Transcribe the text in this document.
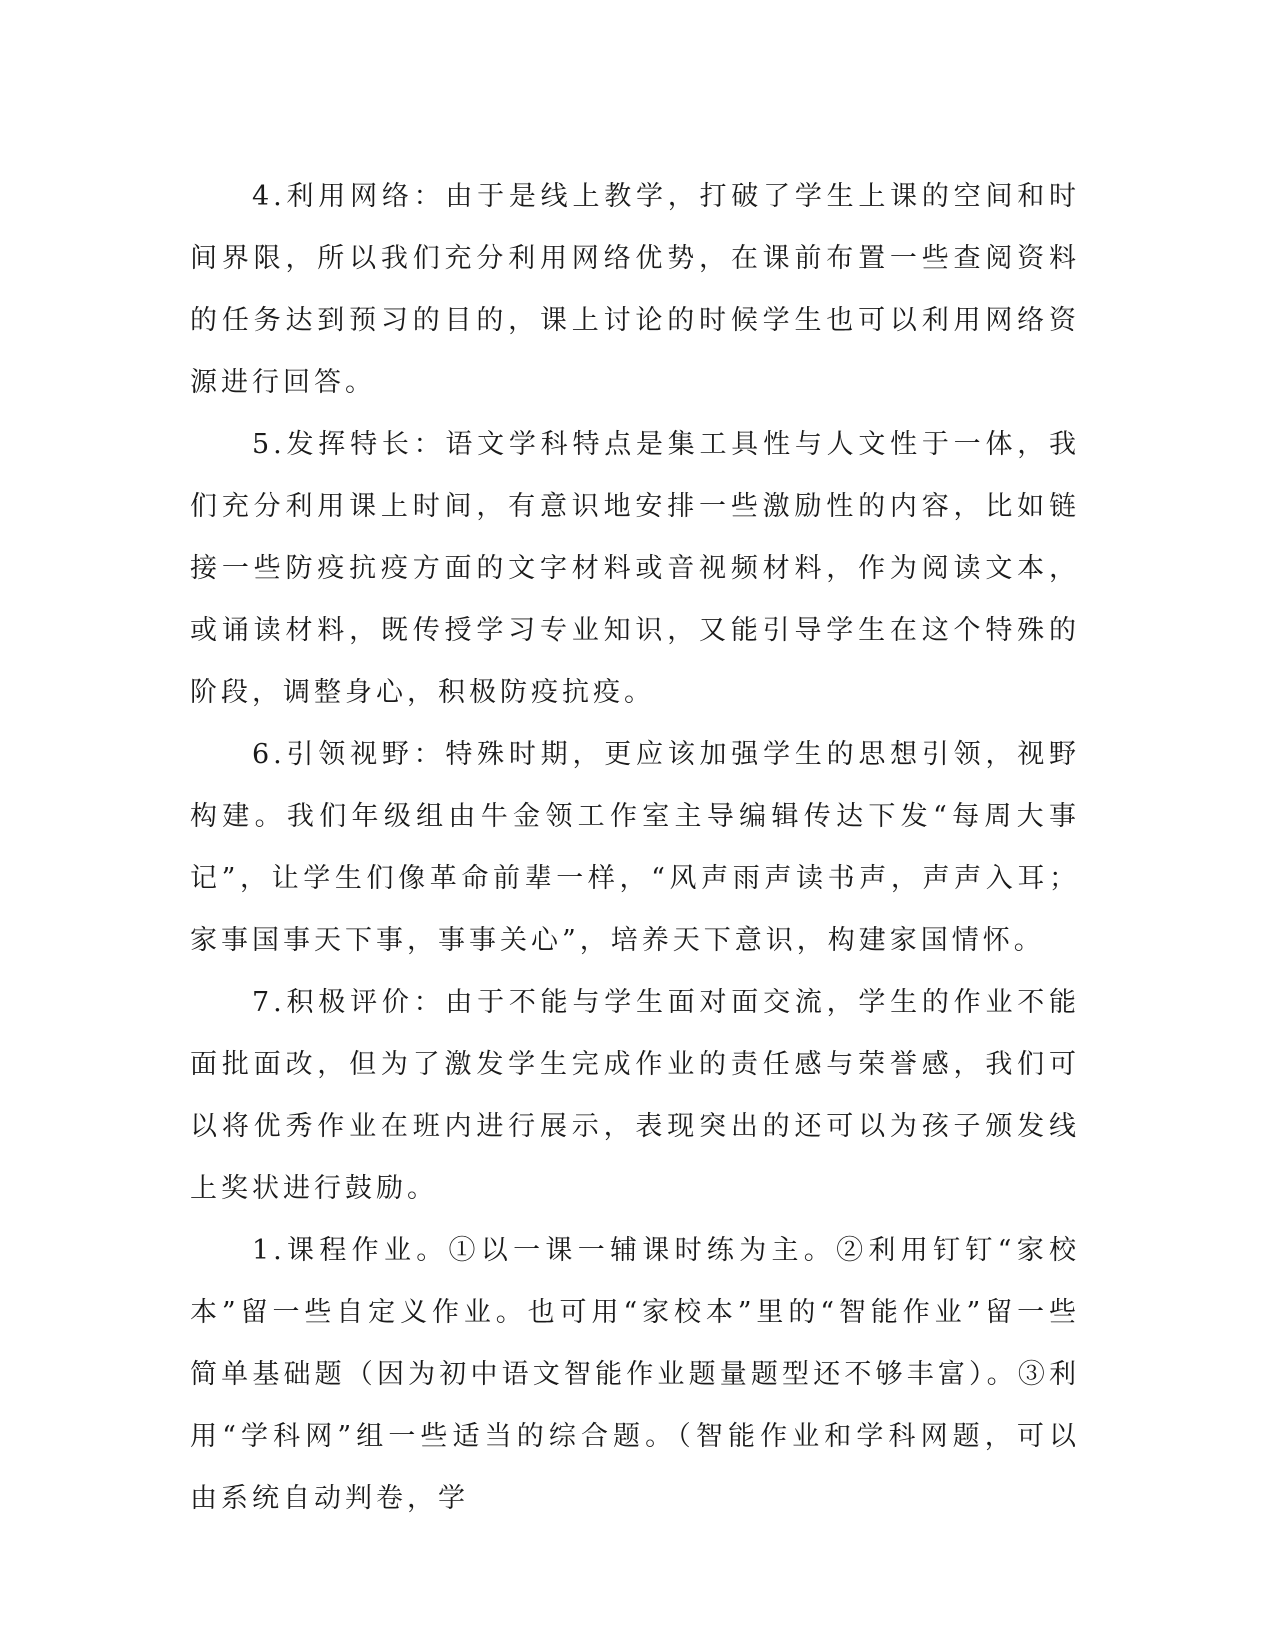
4.利用网络：由于是线上教学，打破了学生上课的空间和时间界限，所以我们充分利用网络优势，在课前布置一些查阅资料的任务达到预习的目的，课上讨论的时候学生也可以利用网络资源进行回答。

5.发挥特长：语文学科特点是集工具性与人文性于一体，我们充分利用课上时间，有意识地安排一些激励性的内容，比如链接一些防疫抗疫方面的文字材料或音视频材料，作为阅读文本，或诵读材料，既传授学习专业知识，又能引导学生在这个特殊的阶段，调整身心，积极防疫抗疫。

6.引领视野：特殊时期，更应该加强学生的思想引领，视野构建。我们年级组由牛金领工作室主导编辑传达下发“每周大事记”，让学生们像革命前辈一样，“风声雨声读书声，声声入耳；家事国事天下事，事事关心”，培养天下意识，构建家国情怀。

7.积极评价：由于不能与学生面对面交流，学生的作业不能面批面改，但为了激发学生完成作业的责任感与荣誉感，我们可以将优秀作业在班内进行展示，表现突出的还可以为孩子颁发线上奖状进行鼓励。

1.课程作业。①以一课一辅课时练为主。②利用钉钉“家校本”留一些自定义作业。也可用“家校本”里的“智能作业”留一些简单基础题（因为初中语文智能作业题量题型还不够丰富）。③利用“学科网”组一些适当的综合题。（智能作业和学科网题，可以由系统自动判卷，学
